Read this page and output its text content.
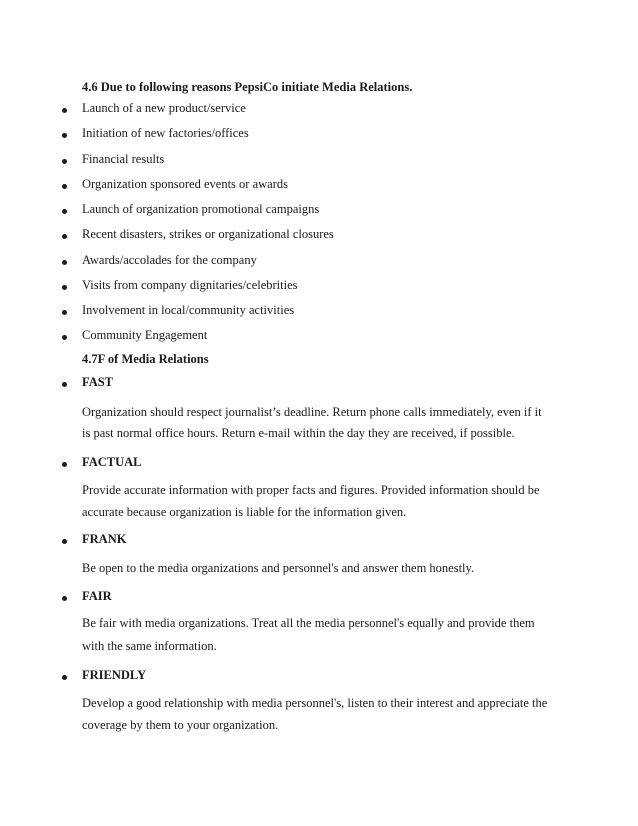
4.6 Due to following reasons PepsiCo initiate Media Relations.
Launch of a new product/service
Initiation of new factories/offices
Financial results
Organization sponsored events or awards
Launch of organization promotional campaigns
Recent disasters, strikes or organizational closures
Awards/accolades for the company
Visits from company dignitaries/celebrities
Involvement in local/community activities
Community Engagement
4.7F of Media Relations
FAST
Organization should respect journalist’s deadline. Return phone calls immediately, even if it
is past normal office hours. Return e-mail within the day they are received, if possible.
FACTUAL
Provide accurate information with proper facts and figures. Provided information should be
accurate because organization is liable for the information given.
FRANK
Be open to the media organizations and personnel's and answer them honestly.
FAIR
Be fair with media organizations. Treat all the media personnel's equally and provide them
with the same information.
FRIENDLY
Develop a good relationship with media personnel's, listen to their interest and appreciate the
coverage by them to your organization.
